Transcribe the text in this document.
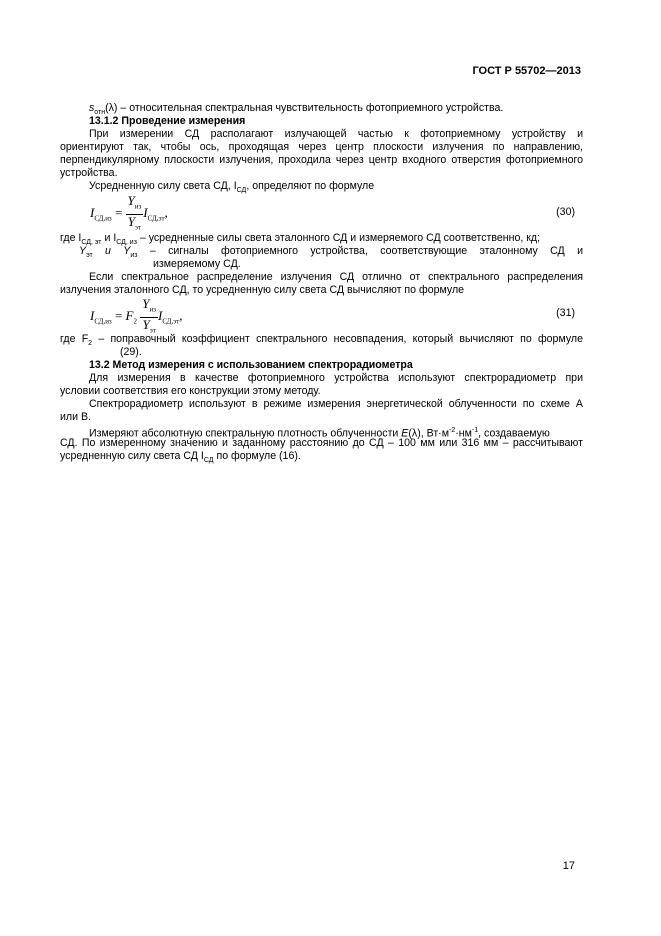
ГОСТ Р 55702—2013
$s_{отн}(\lambda)$ – относительная спектральная чувствительность фотоприемного устройства.
13.1.2 Проведение измерения
При измерении СД располагают излучающей частью к фотоприемному устройству и
ориентируют так, чтобы ось, проходящая через центр плоскости излучения по направлению,
перпендикулярному плоскости излучения, проходила через центр входного отверстия фотоприемного
устройства.
Усредненную силу света СД, $I_{СД}$, определяют по формуле
$I_{СД,из} = \frac{Y_{из}}{Y_{эт}} I_{СД,эт}$,	(30)
где $I_{СД, эт}$ и $I_{СД, из}$ – усредненные силы света эталонного СД и измеряемого СД соответственно, кд;
$Y_{эт}$ и $Y_{из}$ – сигналы фотоприемного устройства, соответствующие эталонному СД и
измеряемому СД.
Если спектральное распределение излучения СД отлично от спектрального распределения
излучения эталонного СД, то усредненную силу света СД вычисляют по формуле
$I_{СД,из} = F_2 \frac{Y_{из}}{Y_{эт}} I_{СД,эт}$,	(31)
где $F_2$ – поправочный коэффициент спектрального несовпадения, который вычисляют по формуле
(29).
13.2 Метод измерения с использованием спектрорадиометра
Для измерения в качестве фотоприемного устройства используют спектрорадиометр при
условии соответствия его конструкции этому методу.
Спектрорадиометр используют в режиме измерения энергетической облученности по схеме А
или В.
Измеряют абсолютную спектральную плотность облученности E(λ), $Вт\cdot м^{-2}\cdot нм^{-1}$, создаваемую
СД. По измеренному значению и заданному расстоянию до СД – 100 мм или 316 мм – рассчитывают
усредненную силу света СД $I_{СД}$ по формуле (16).
17
